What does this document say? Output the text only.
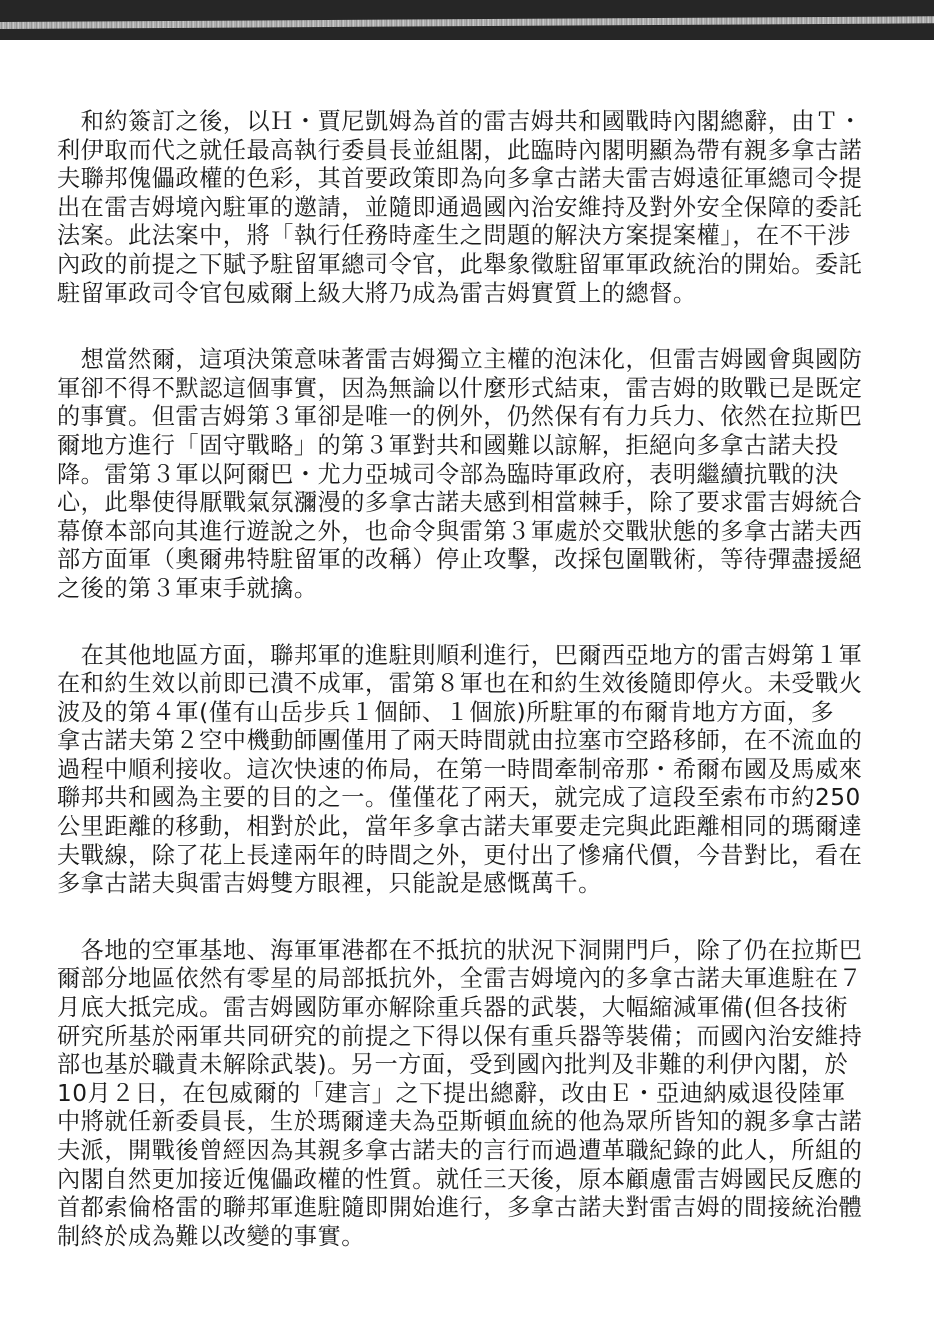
　和約簽訂之後，以Ｈ・賈尼凱姆為首的雷吉姆共和國戰時內閣總辭，由Ｔ・
利伊取而代之就任最高執行委員長並組閣，此臨時內閣明顯為帶有親多拿古諾
夫聯邦傀儡政權的色彩，其首要政策即為向多拿古諾夫雷吉姆遠征軍總司令提
出在雷吉姆境內駐軍的邀請，並隨即通過國內治安維持及對外安全保障的委託
法案。此法案中，將「執行任務時產生之問題的解決方案提案權」，在不干涉
內政的前提之下賦予駐留軍總司令官，此舉象徵駐留軍軍政統治的開始。委託
駐留軍政司令官包威爾上級大將乃成為雷吉姆實質上的總督。
　想當然爾，這項決策意味著雷吉姆獨立主權的泡沫化，但雷吉姆國會與國防
軍卻不得不默認這個事實，因為無論以什麼形式結束，雷吉姆的敗戰已是既定
的事實。但雷吉姆第３軍卻是唯一的例外，仍然保有有力兵力、依然在拉斯巴
爾地方進行「固守戰略」的第３軍對共和國難以諒解，拒絕向多拿古諾夫投
降。雷第３軍以阿爾巴・尤力亞城司令部為臨時軍政府，表明繼續抗戰的決
心，此舉使得厭戰氣氛瀰漫的多拿古諾夫感到相當棘手，除了要求雷吉姆統合
幕僚本部向其進行遊說之外，也命令與雷第３軍處於交戰狀態的多拿古諾夫西
部方面軍（奧爾弗特駐留軍的改稱）停止攻擊，改採包圍戰術，等待彈盡援絕
之後的第３軍束手就擒。
　在其他地區方面，聯邦軍的進駐則順利進行，巴爾西亞地方的雷吉姆第１軍
在和約生效以前即已潰不成軍，雷第８軍也在和約生效後隨即停火。未受戰火
波及的第４軍(僅有山岳步兵１個師、１個旅)所駐軍的布爾肯地方方面，多
拿古諾夫第２空中機動師團僅用了兩天時間就由拉塞市空路移師，在不流血的
過程中順利接收。這次快速的佈局，在第一時間牽制帝那・希爾布國及馬威來
聯邦共和國為主要的目的之一。僅僅花了兩天，就完成了這段至索布市約250
公里距離的移動，相對於此，當年多拿古諾夫軍要走完與此距離相同的瑪爾達
夫戰線，除了花上長達兩年的時間之外，更付出了慘痛代價，今昔對比，看在
多拿古諾夫與雷吉姆雙方眼裡，只能說是感慨萬千。
　各地的空軍基地、海軍軍港都在不抵抗的狀況下洞開門戶，除了仍在拉斯巴
爾部分地區依然有零星的局部抵抗外，全雷吉姆境內的多拿古諾夫軍進駐在７
月底大抵完成。雷吉姆國防軍亦解除重兵器的武裝，大幅縮減軍備(但各技術
研究所基於兩軍共同研究的前提之下得以保有重兵器等裝備；而國內治安維持
部也基於職責未解除武裝)。另一方面，受到國內批判及非難的利伊內閣，於
10月２日，在包威爾的「建言」之下提出總辭，改由Ｅ・亞迪納威退役陸軍
中將就任新委員長，生於瑪爾達夫為亞斯頓血統的他為眾所皆知的親多拿古諾
夫派，開戰後曾經因為其親多拿古諾夫的言行而過遭革職紀錄的此人，所組的
內閣自然更加接近傀儡政權的性質。就任三天後，原本顧慮雷吉姆國民反應的
首都索倫格雷的聯邦軍進駐隨即開始進行，多拿古諾夫對雷吉姆的間接統治體
制終於成為難以改變的事實。
